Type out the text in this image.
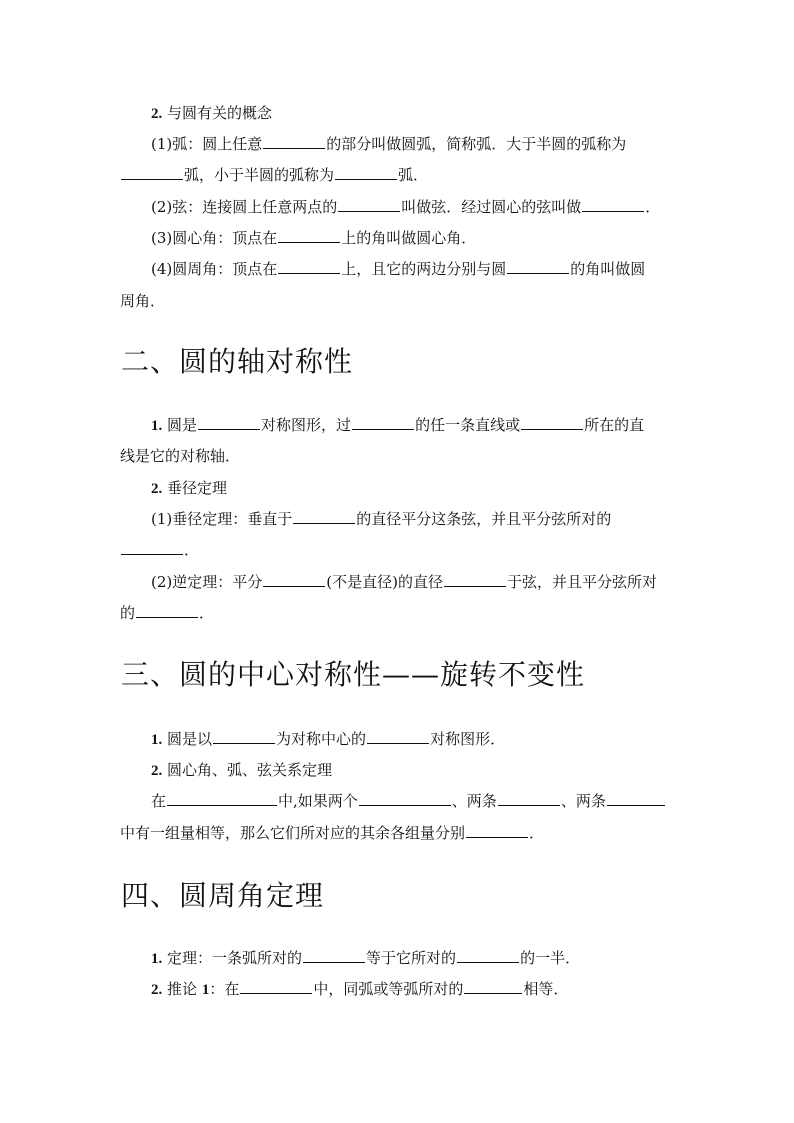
2. 与圆有关的概念
(1)弧：圆上任意	的部分叫做圆弧，简称弧．大于半圆的弧称为
弧，小于半圆的弧称为	弧．
(2)弦：连接圆上任意两点的	叫做弦．经过圆心的弦叫做	．
(3)圆心角：顶点在	上的角叫做圆心角．
(4)圆周角：顶点在	上，且它的两边分别与圆	的角叫做圆
周角．
二、圆的轴对称性
1. 圆是	对称图形，过	的任一条直线或	所在的直
线是它的对称轴．
2. 垂径定理
(1)垂径定理：垂直于	的直径平分这条弦，并且平分弦所对的
．
(2)逆定理：平分	(不是直径)的直径	于弦，并且平分弦所对
的	．
三、圆的中心对称性——旋转不变性
1. 圆是以	为对称中心的	对称图形．
2. 圆心角、弧、弦关系定理
在	中,如果两个	、两条	、两条
中有一组量相等，那么它们所对应的其余各组量分别	．
四、圆周角定理
1. 定理：一条弧所对的	等于它所对的	的一半．
2. 推论 1：在	中，同弧或等弧所对的	相等．
